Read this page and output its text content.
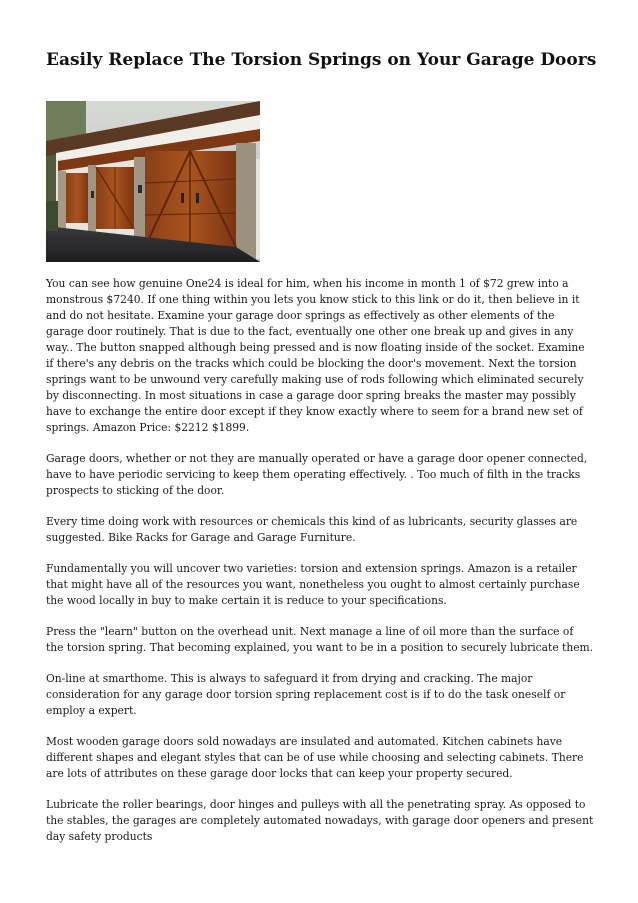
Easily Replace The Torsion Springs on Your Garage Doors

You can see how genuine One24 is ideal for him, when his income in month 1 of $72 grew into a monstrous $7240. If one thing within you lets you know stick to this link or do it, then believe in it and do not hesitate. Examine your garage door springs as effectively as other elements of the garage door routinely. That is due to the fact, eventually one other one break up and gives in any way.. The button snapped although being pressed and is now floating inside of the socket. Examine if there's any debris on the tracks which could be blocking the door's movement. Next the torsion springs want to be unwound very carefully making use of rods following which eliminated securely by disconnecting. In most situations in case a garage door spring breaks the master may possibly have to exchange the entire door except if they know exactly where to seem for a brand new set of springs. Amazon Price: $2212 $1899.

Garage doors, whether or not they are manually operated or have a garage door opener connected, have to have periodic servicing to keep them operating effectively. . Too much of filth in the tracks prospects to sticking of the door.

Every time doing work with resources or chemicals this kind of as lubricants, security glasses are suggested. Bike Racks for Garage and Garage Furniture.

Fundamentally you will uncover two varieties: torsion and extension springs. Amazon is a retailer that might have all of the resources you want, nonetheless you ought to almost certainly purchase the wood locally in buy to make certain it is reduce to your specifications.

Press the "learn" button on the overhead unit. Next manage a line of oil more than the surface of the torsion spring. That becoming explained, you want to be in a position to securely lubricate them.

On-line at smarthome. This is always to safeguard it from drying and cracking. The major consideration for any garage door torsion spring replacement cost is if to do the task oneself or employ a expert.

Most wooden garage doors sold nowadays are insulated and automated. Kitchen cabinets have different shapes and elegant styles that can be of use while choosing and selecting cabinets. There are lots of attributes on these garage door locks that can keep your property secured.

Lubricate the roller bearings, door hinges and pulleys with all the penetrating spray. As opposed to the stables, the garages are completely automated nowadays, with garage door openers and present day safety products
